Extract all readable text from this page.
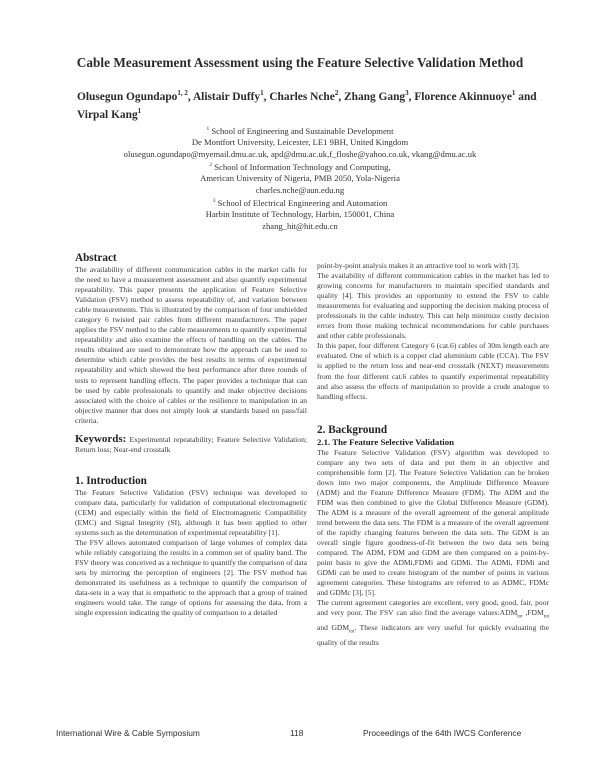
Cable Measurement Assessment using the Feature Selective Validation Method
Olusegun Ogundapo$^{1, 2}$, Alistair Duffy$^1$, Charles Nche$^2$, Zhang Gang$^3$, Florence Akinnuoye$^1$ and Virpal Kang$^1$
$^1$ School of Engineering and Sustainable Development
De Montfort University, Leicester, LE1 9BH, United Kingdom
olusegun.ogundapo@myemail.dmu.ac.uk, apd@dmu.ac.uk,f_floshe@yahoo.co.uk, vkang@dmu.ac.uk
$^2$ School of Information Technology and Computing,
American University of Nigeria, PMB 2050, Yola-Nigeria
charles.nche@aun.edu.ng
$^3$ School of Electrical Engineering and Automation
Harbin Institute of Technology, Harbin, 150001, China
zhang_hit@hit.edu.cn
Abstract

The availability of different communication cables in the market calls for the need to have a measurement assessment and also quantify experimental repeatability. This paper presents the application of Feature Selective Validation (FSV) method to assess repeatability of, and variation between cable measurements. This is illustrated by the comparison of four unshielded category 6 twisted pair cables from different manufacturers. The paper applies the FSV method to the cable measurements to quantify experimental repeatability and also examine the effects of handling on the cables. The results obtained are used to demonstrate how the approach can be used to determine which cable provides the best results in terms of experimental repeatability and which showed the best performance after three rounds of tests to represent handling effects. The paper provides a technique that can be used by cable professionals to quantify and make objective decisions associated with the choice of cables or the resilience to manipulation in an objective manner that does not simply look at standards based on pass/fail criteria.

Keywords: Experimental repeatability; Feature Selective Validation; Return loss; Near-end crosstalk
1. Introduction

The Feature Selective Validation (FSV) technique was developed to compare data, particularly for validation of computational electromagnetic (CEM) and especially within the field of Electromagnetic Compatibility (EMC) and Signal Integrity (SI), although it has been applied to other systems such as the determination of experimental repeatability [1].

The FSV allows automated comparison of large volumes of complex data while reliably categorizing the results in a common set of quality band. The FSV theory was conceived as a technique to quantify the comparison of data sets by mirroring the perception of engineers [2]. The FSV method has demonstrated its usefulness as a technique to quantify the comparison of data-sets in a way that is empathetic to the approach that a group of trained engineers would take. The range of options for assessing the data, from a single expression indicating the quality of comparison to a detailed

point-by-point analysis makes it an attractive tool to work with [3].

The availability of different communication cables in the market has led to growing concerns for manufacturers to maintain specified standards and quality [4]. This provides an opportunity to extend the FSV to cable measurements for evaluating and supporting the decision making process of professionals in the cable industry. This can help minimize costly decision errors from those making technical recommendations for cable purchases and other cable professionals.

In this paper, four different Category 6 (cat.6) cables of 30m length each are evaluated. One of which is a copper clad aluminium cable (CCA). The FSV is applied to the return loss and near-end crosstalk (NEXT) measurements from the four different cat.6 cables to quantify experimental repeatability and also assess the effects of manipulation to provide a crude analogue to handling effects.

2. Background
2.1. The Feature Selective Validation

The Feature Selective Validation (FSV) algorithm was developed to compare any two sets of data and put them in an objective and comprehensible form [2]. The Feature Selective Validation can be broken down into two major components, the Amplitude Difference Measure (ADM) and the Feature Difference Measure (FDM). The ADM and the FDM was then combined to give the Global Difference Measure (GDM). The ADM is a measure of the overall agreement of the general amplitude trend between the data sets. The FDM is a measure of the overall agreement of the rapidly changing features between the data sets. The GDM is an overall single figure goodness-of-fit between the two data sets being compared. The ADM, FDM and GDM are then compared on a point-by-point basis to give the ADMi,FDMi and GDMi. The ADMi, FDMi and GDMi can be used to create histogram of the number of points in various agreement categories. These histograms are referred to as ADMC, FDMc and GDMc [3], [5].

The current agreement categories are excellent, very good, good, fair, poor and very poor. The FSV can also find the average $values:ADM_{tot}$ $,FDM_{tot}$ and $GDM_{tot}$. These indicators are very useful for quickly evaluating the quality of the results

International Wire & Cable Symposium	118	Proceedings of the 64th IWCS Conference
